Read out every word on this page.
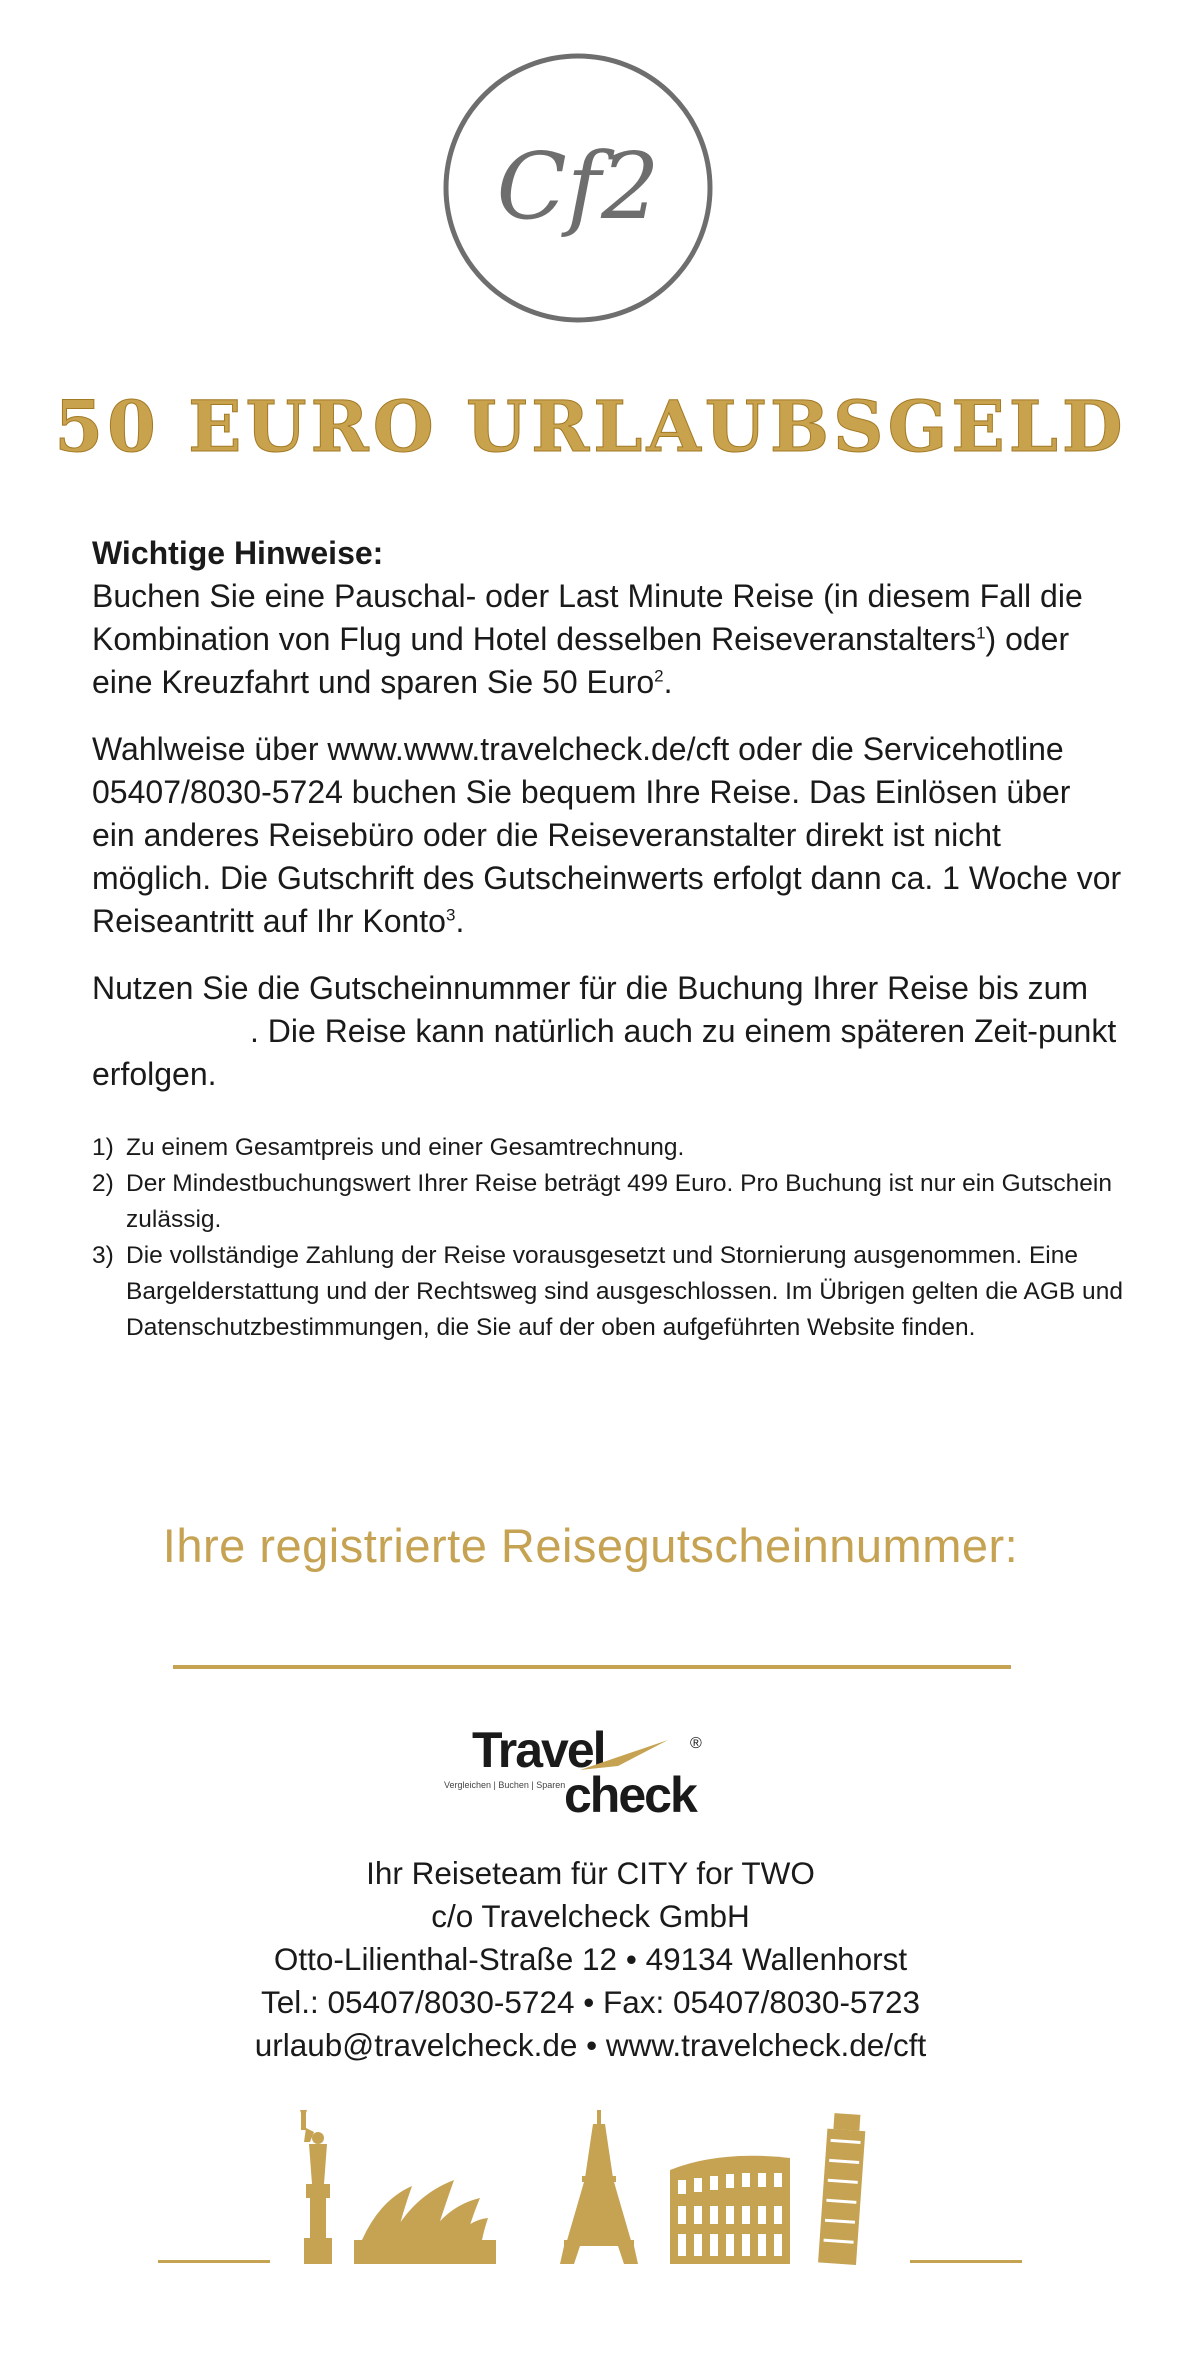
Cf2
50 EURO URLAUBSGELD

Wichtige Hinweise:
Buchen Sie eine Pauschal- oder Last Minute Reise (in diesem Fall die Kombination von Flug und Hotel desselben Reiseveranstalters$^1$) oder eine Kreuzfahrt und sparen Sie 50 Euro$^2$.

Wahlweise über www.www.travelcheck.de/cft oder die Servicehotline 05407/8030-5724 buchen Sie bequem Ihre Reise. Das Einlösen über ein anderes Reisebüro oder die Reiseveranstalter direkt ist nicht möglich. Die Gutschrift des Gutscheinwerts erfolgt dann ca. 1 Woche vor Reiseantritt auf Ihr Konto$^3$.

Nutzen Sie die Gutscheinnummer für die Buchung Ihrer Reise bis zum . Die Reise kann natürlich auch zu einem späteren Zeit-punkt erfolgen.

1) Zu einem Gesamtpreis und einer Gesamtrechnung.
2) Der Mindestbuchungswert Ihrer Reise beträgt 499 Euro. Pro Buchung ist nur ein Gutschein zulässig.
3) Die vollständige Zahlung der Reise vorausgesetzt und Stornierung ausgenommen. Eine Bargelderstattung und der Rechtsweg sind ausgeschlossen. Im Übrigen gelten die AGB und Datenschutzbestimmungen, die Sie auf der oben aufgeführten Website finden.
Ihre registrierte Reisegutscheinnummer:
Travel	®
Vergleichen | Buchen | Sparen
check
Ihr Reiseteam für CITY for TWO
c/o Travelcheck GmbH
Otto-Lilienthal-Straße 12 • 49134 Wallenhorst
Tel.: 05407/8030-5724 • Fax: 05407/8030-5723
urlaub@travelcheck.de • www.travelcheck.de/cft
